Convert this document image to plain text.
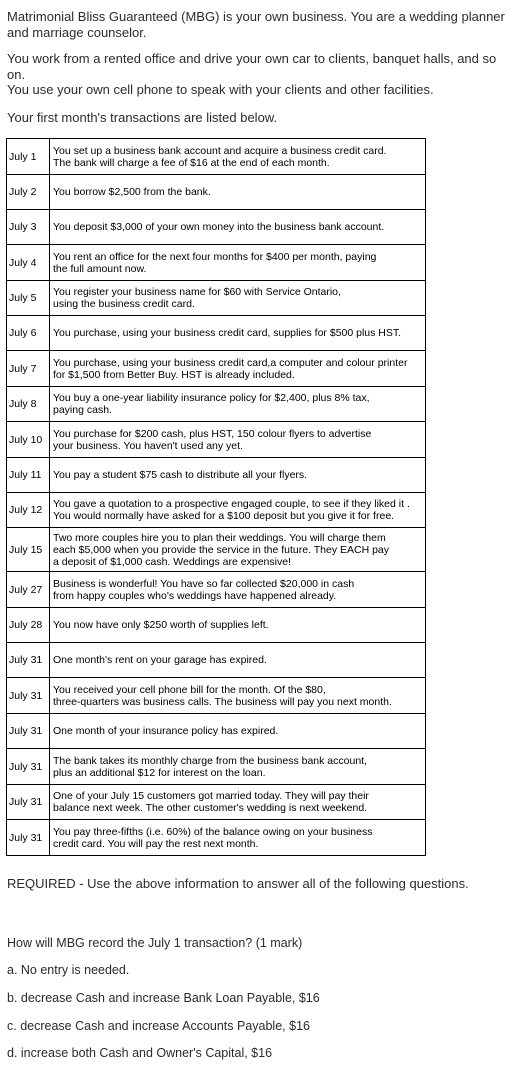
Matrimonial Bliss Guaranteed (MBG) is your own business. You are a wedding planner and marriage counselor.
You work from a rented office and drive your own car to clients, banquet halls, and so on.
You use your own cell phone to speak with your clients and other facilities.
Your first month's transactions are listed below.
July 1	You set up a business bank account and acquire a business credit card.
The bank will charge a fee of $16 at the end of each month.

July 2	You borrow $2,500 from the bank.

July 3	You deposit $3,000 of your own money into the business bank account.

July 4	You rent an office for the next four months for $400 per month, paying
the full amount now.

July 5	You register your business name for $60 with Service Ontario,
using the business credit card.

July 6	You purchase, using your business credit card, supplies for $500 plus HST.

July 7	You purchase, using your business credit card,a computer and colour printer
for $1,500 from Better Buy. HST is already included.

July 8	You buy a one-year liability insurance policy for $2,400, plus 8% tax,
paying cash.

July 10	You purchase for $200 cash, plus HST, 150 colour flyers to advertise
your business. You haven't used any yet.

July 11	You pay a student $75 cash to distribute all your flyers.

July 12	You gave a quotation to a prospective engaged couple, to see if they liked it .
You would normally have asked for a $100 deposit but you give it for free.

July 15	Two more couples hire you to plan their weddings. You will charge them
each $5,000 when you provide the service in the future. They EACH pay
a deposit of $1,000 cash. Weddings are expensive!

July 27	Business is wonderful! You have so far collected $20,000 in cash
from happy couples who's weddings have happened already.

July 28	You now have only $250 worth of supplies left.

July 31	One month's rent on your garage has expired.

July 31	You received your cell phone bill for the month. Of the $80,
three-quarters was business calls. The business will pay you next month.

July 31	One month of your insurance policy has expired.

July 31	The bank takes its monthly charge from the business bank account,
plus an additional $12 for interest on the loan.

July 31	One of your July 15 customers got married today. They will pay their
balance next week. The other customer's wedding is next weekend.

July 31	You pay three-fifths (i.e. 60%) of the balance owing on your business
credit card. You will pay the rest next month.
REQUIRED - Use the above information to answer all of the following questions.
How will MBG record the July 1 transaction? (1 mark)
a. No entry is needed.
b. decrease Cash and increase Bank Loan Payable, $16
c. decrease Cash and increase Accounts Payable, $16
d. increase both Cash and Owner's Capital, $16
